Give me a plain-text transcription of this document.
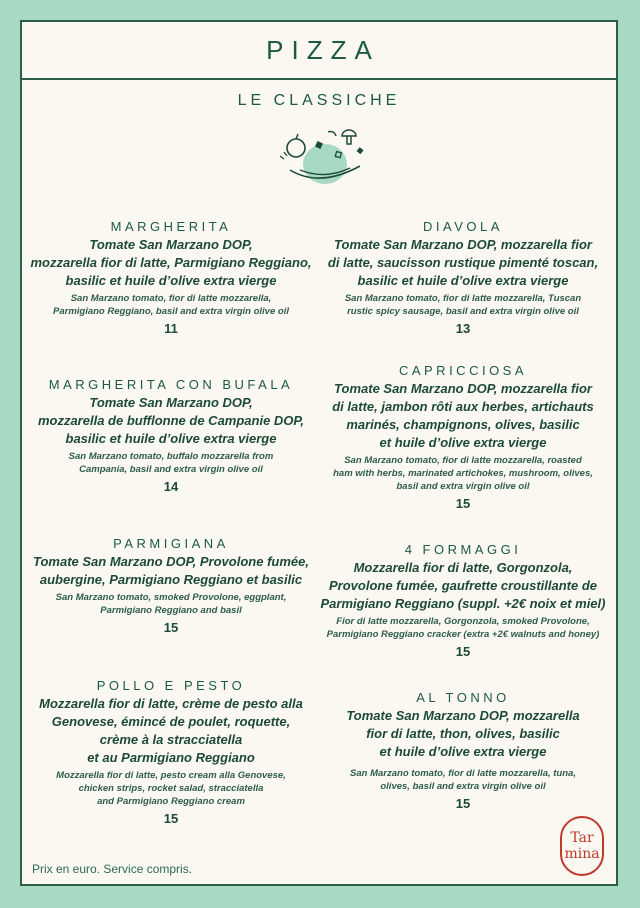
PIZZA
LE CLASSICHE
MARGHERITA
Tomate San Marzano DOP,
mozzarella fior di latte, Parmigiano Reggiano,
basilic et huile d’olive extra vierge
San Marzano tomato, fior di latte mozzarella,
Parmigiano Reggiano, basil and extra virgin olive oil
11
MARGHERITA CON BUFALA
Tomate San Marzano DOP,
mozzarella de bufflonne de Campanie DOP,
basilic et huile d’olive extra vierge
San Marzano tomato, buffalo mozzarella from
Campania, basil and extra virgin olive oil
14
PARMIGIANA
Tomate San Marzano DOP, Provolone fumée,
aubergine, Parmigiano Reggiano et basilic
San Marzano tomato, smoked Provolone, eggplant,
Parmigiano Reggiano and basil
15
POLLO E PESTO
Mozzarella fior di latte, crème de pesto alla
Genovese, émincé de poulet, roquette,
crème à la stracciatella
et au Parmigiano Reggiano
Mozzarella fior di latte, pesto cream alla Genovese,
chicken strips, rocket salad, stracciatella
and Parmigiano Reggiano cream
15
DIAVOLA
Tomate San Marzano DOP, mozzarella fior
di latte, saucisson rustique pimenté toscan,
basilic et huile d’olive extra vierge
San Marzano tomato, fior di latte mozzarella, Tuscan
rustic spicy sausage, basil and extra virgin olive oil
13
CAPRICCIOSA
Tomate San Marzano DOP, mozzarella fior
di latte, jambon rôti aux herbes, artichauts
marinés, champignons, olives, basilic
et huile d’olive extra vierge
San Marzano tomato, fior di latte mozzarella, roasted
ham with herbs, marinated artichokes, mushroom, olives,
basil and extra virgin olive oil
15
4 FORMAGGI
Mozzarella fior di latte, Gorgonzola,
Provolone fumée, gaufrette croustillante de
Parmigiano Reggiano (suppl. +2€ noix et miel)
Fior di latte mozzarella, Gorgonzola, smoked Provolone,
Parmigiano Reggiano cracker (extra +2€ walnuts and honey)
15
AL TONNO
Tomate San Marzano DOP, mozzarella
fior di latte, thon, olives, basilic
et huile d’olive extra vierge
San Marzano tomato, fior di latte mozzarella, tuna,
olives, basil and extra virgin olive oil
15
Prix en euro. Service compris.
Tar
mina
